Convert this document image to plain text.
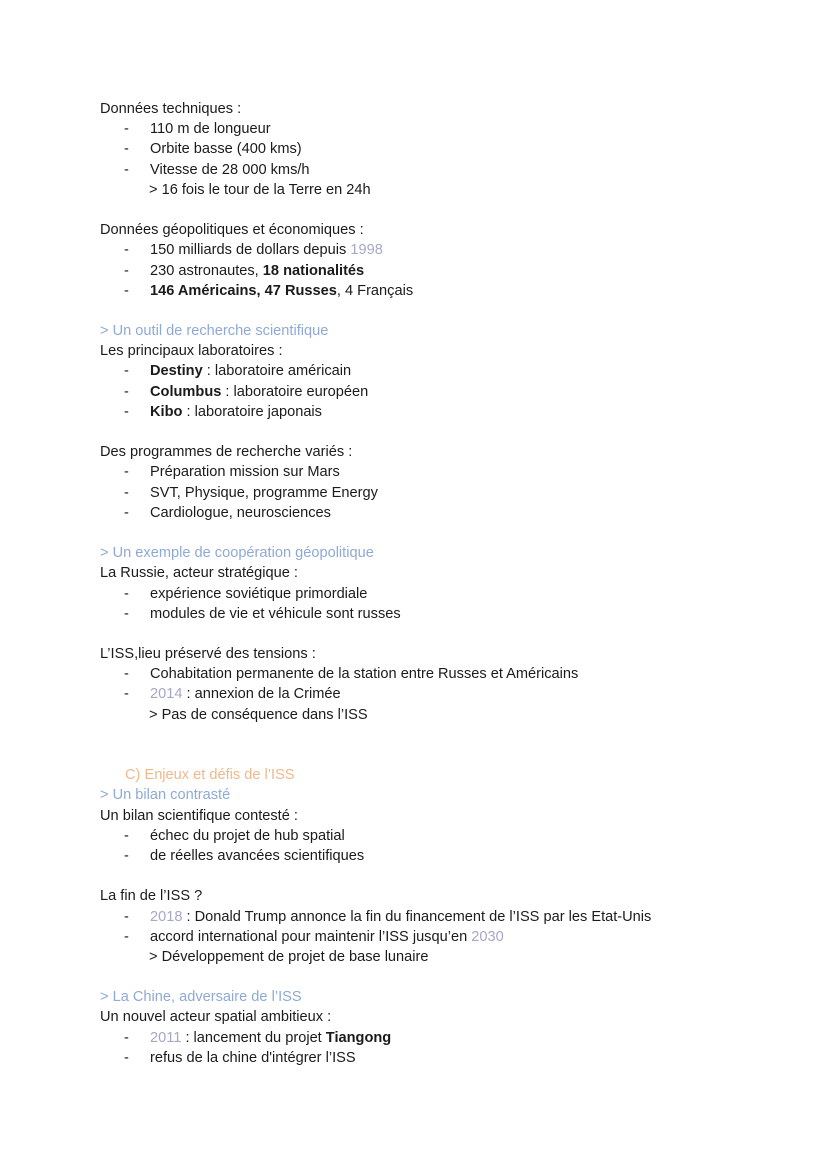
Données techniques :
- 110 m de longueur
- Orbite basse (400 kms)
- Vitesse de 28 000 kms/h
> 16 fois le tour de la Terre en 24h
Données géopolitiques et économiques :
- 150 milliards de dollars depuis 1998
- 230 astronautes, 18 nationalités
- 146 Américains, 47 Russes, 4 Français
> Un outil de recherche scientifique
Les principaux laboratoires :
- Destiny : laboratoire américain
- Columbus : laboratoire européen
- Kibo : laboratoire japonais
Des programmes de recherche variés :
- Préparation mission sur Mars
- SVT, Physique, programme Energy
- Cardiologue, neurosciences
> Un exemple de coopération géopolitique
La Russie, acteur stratégique :
- expérience soviétique primordiale
- modules de vie et véhicule sont russes
L’ISS,lieu préservé des tensions :
- Cohabitation permanente de la station entre Russes et Américains
- 2014 : annexion de la Crimée
> Pas de conséquence dans l’ISS
C) Enjeux et défis de l’ISS
> Un bilan contrasté
Un bilan scientifique contesté :
- échec du projet de hub spatial
- de réelles avancées scientifiques
La fin de l’ISS ?
- 2018 : Donald Trump annonce la fin du financement de l’ISS par les Etat-Unis
- accord international pour maintenir l’ISS jusqu’en 2030
> Développement de projet de base lunaire
> La Chine, adversaire de l’ISS
Un nouvel acteur spatial ambitieux :
- 2011 : lancement du projet Tiangong
- refus de la chine d'intégrer l’ISS
